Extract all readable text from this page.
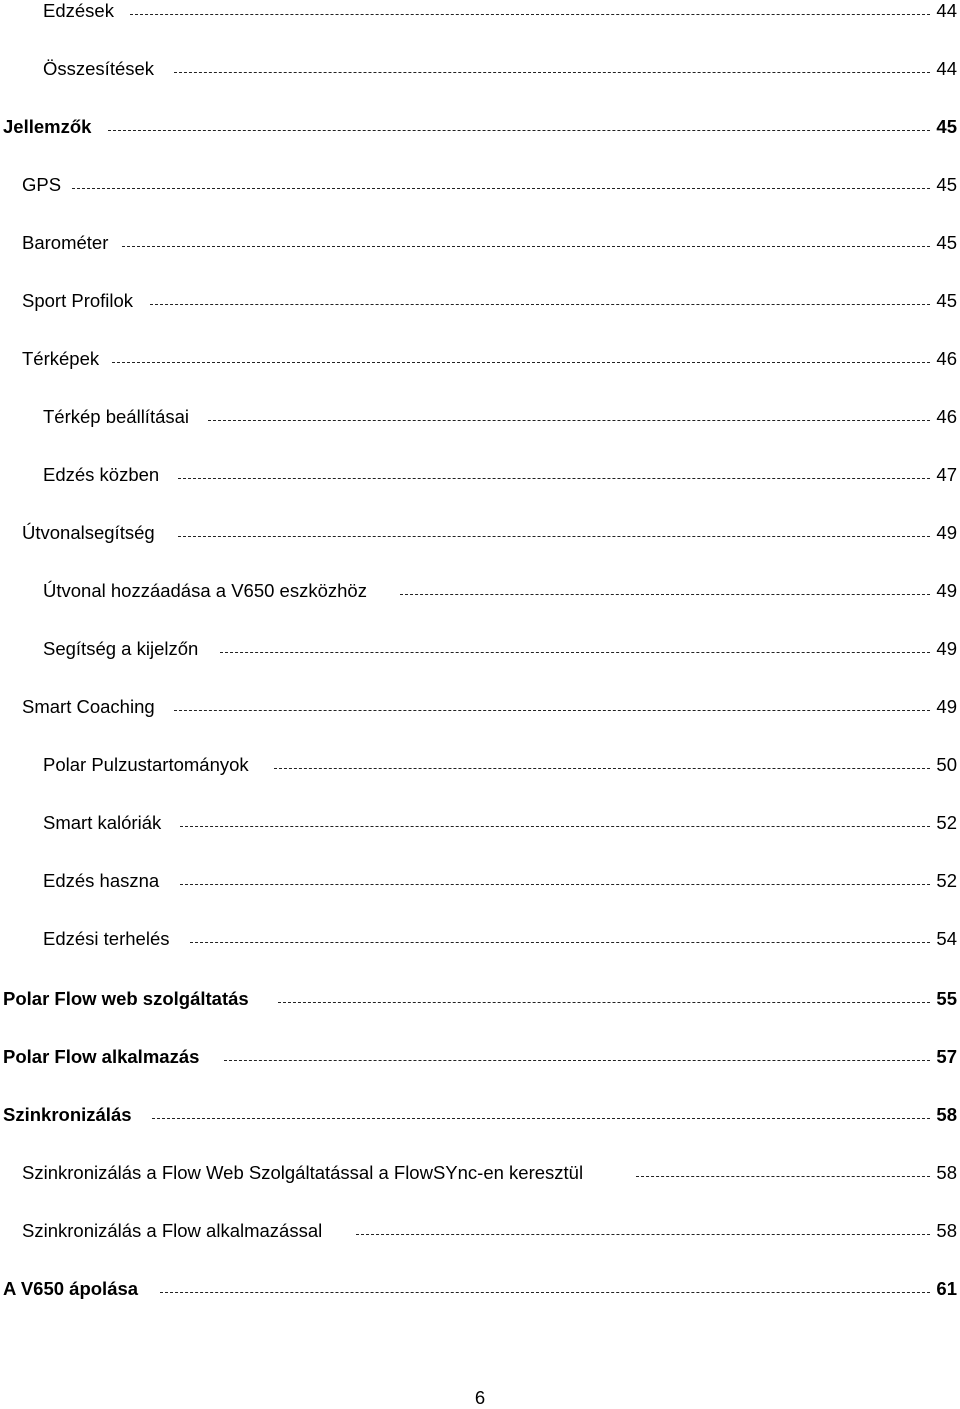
Edzések	44
Összesítések	44
Jellemzők	45
GPS	45
Barométer	45
Sport Profilok	45
Térképek	46
Térkép beállításai	46
Edzés közben	47
Útvonalsegítség	49
Útvonal hozzáadása a V650 eszközhöz	49
Segítség a kijelzőn	49
Smart Coaching	49
Polar Pulzustartományok	50
Smart kalóriák	52
Edzés haszna	52
Edzési terhelés	54
Polar Flow web szolgáltatás	55
Polar Flow alkalmazás	57
Szinkronizálás	58
Szinkronizálás a Flow Web Szolgáltatással a FlowSYnc-en keresztül	58
Szinkronizálás a Flow alkalmazással	58
A V650 ápolása	61
6
